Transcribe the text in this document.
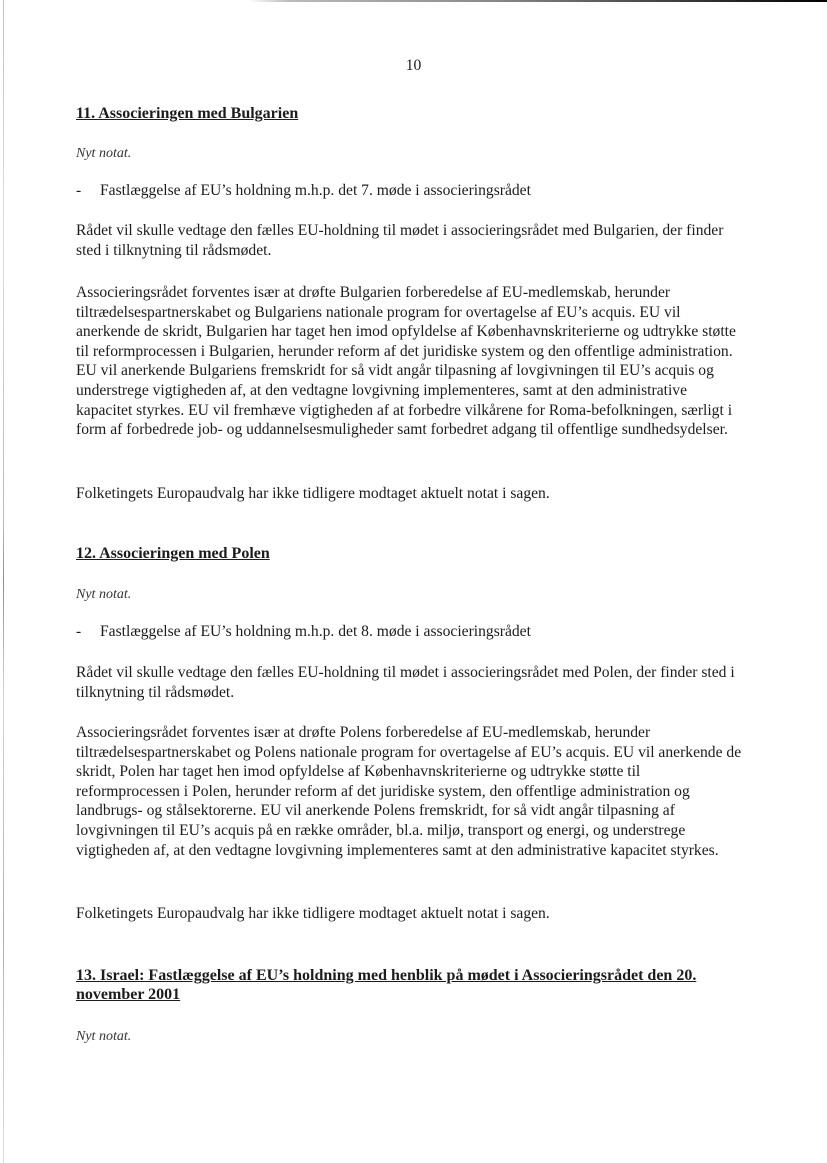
10
11. Associeringen med Bulgarien
Nyt notat.
- Fastlæggelse af EU’s holdning m.h.p. det 7. møde i associeringsrådet
Rådet vil skulle vedtage den fælles EU-holdning til mødet i associeringsrådet med Bulgarien, der finder sted i tilknytning til rådsmødet.
Associeringsrådet forventes især at drøfte Bulgarien forberedelse af EU-medlemskab, herunder tiltrædelsespartnerskabet og Bulgariens nationale program for overtagelse af EU’s acquis. EU vil anerkende de skridt, Bulgarien har taget hen imod opfyldelse af Københavnskriterierne og udtrykke støtte til reformprocessen i Bulgarien, herunder reform af det juridiske system og den offentlige administration. EU vil anerkende Bulgariens fremskridt for så vidt angår tilpasning af lovgivningen til EU’s acquis og understrege vigtigheden af, at den vedtagne lovgivning implementeres, samt at den administrative kapacitet styrkes. EU vil fremhæve vigtigheden af at forbedre vilkårene for Roma-befolkningen, særligt i form af forbedrede job- og uddannelsesmuligheder samt forbedret adgang til offentlige sundhedsydelser.
Folketingets Europaudvalg har ikke tidligere modtaget aktuelt notat i sagen.
12. Associeringen med Polen
Nyt notat.
- Fastlæggelse af EU’s holdning m.h.p. det 8. møde i associeringsrådet
Rådet vil skulle vedtage den fælles EU-holdning til mødet i associeringsrådet med Polen, der finder sted i tilknytning til rådsmødet.
Associeringsrådet forventes især at drøfte Polens forberedelse af EU-medlemskab, herunder tiltrædelsespartnerskabet og Polens nationale program for overtagelse af EU’s acquis. EU vil anerkende de skridt, Polen har taget hen imod opfyldelse af Københavnskriterierne og udtrykke støtte til reformprocessen i Polen, herunder reform af det juridiske system, den offentlige administration og landbrugs- og stålsektorerne. EU vil anerkende Polens fremskridt, for så vidt angår tilpasning af lovgivningen til EU’s acquis på en række områder, bl.a. miljø, transport og energi, og understrege vigtigheden af, at den vedtagne lovgivning implementeres samt at den administrative kapacitet styrkes.
Folketingets Europaudvalg har ikke tidligere modtaget aktuelt notat i sagen.
13. Israel: Fastlæggelse af EU’s holdning med henblik på mødet i Associeringsrådet den 20. november 2001
Nyt notat.
